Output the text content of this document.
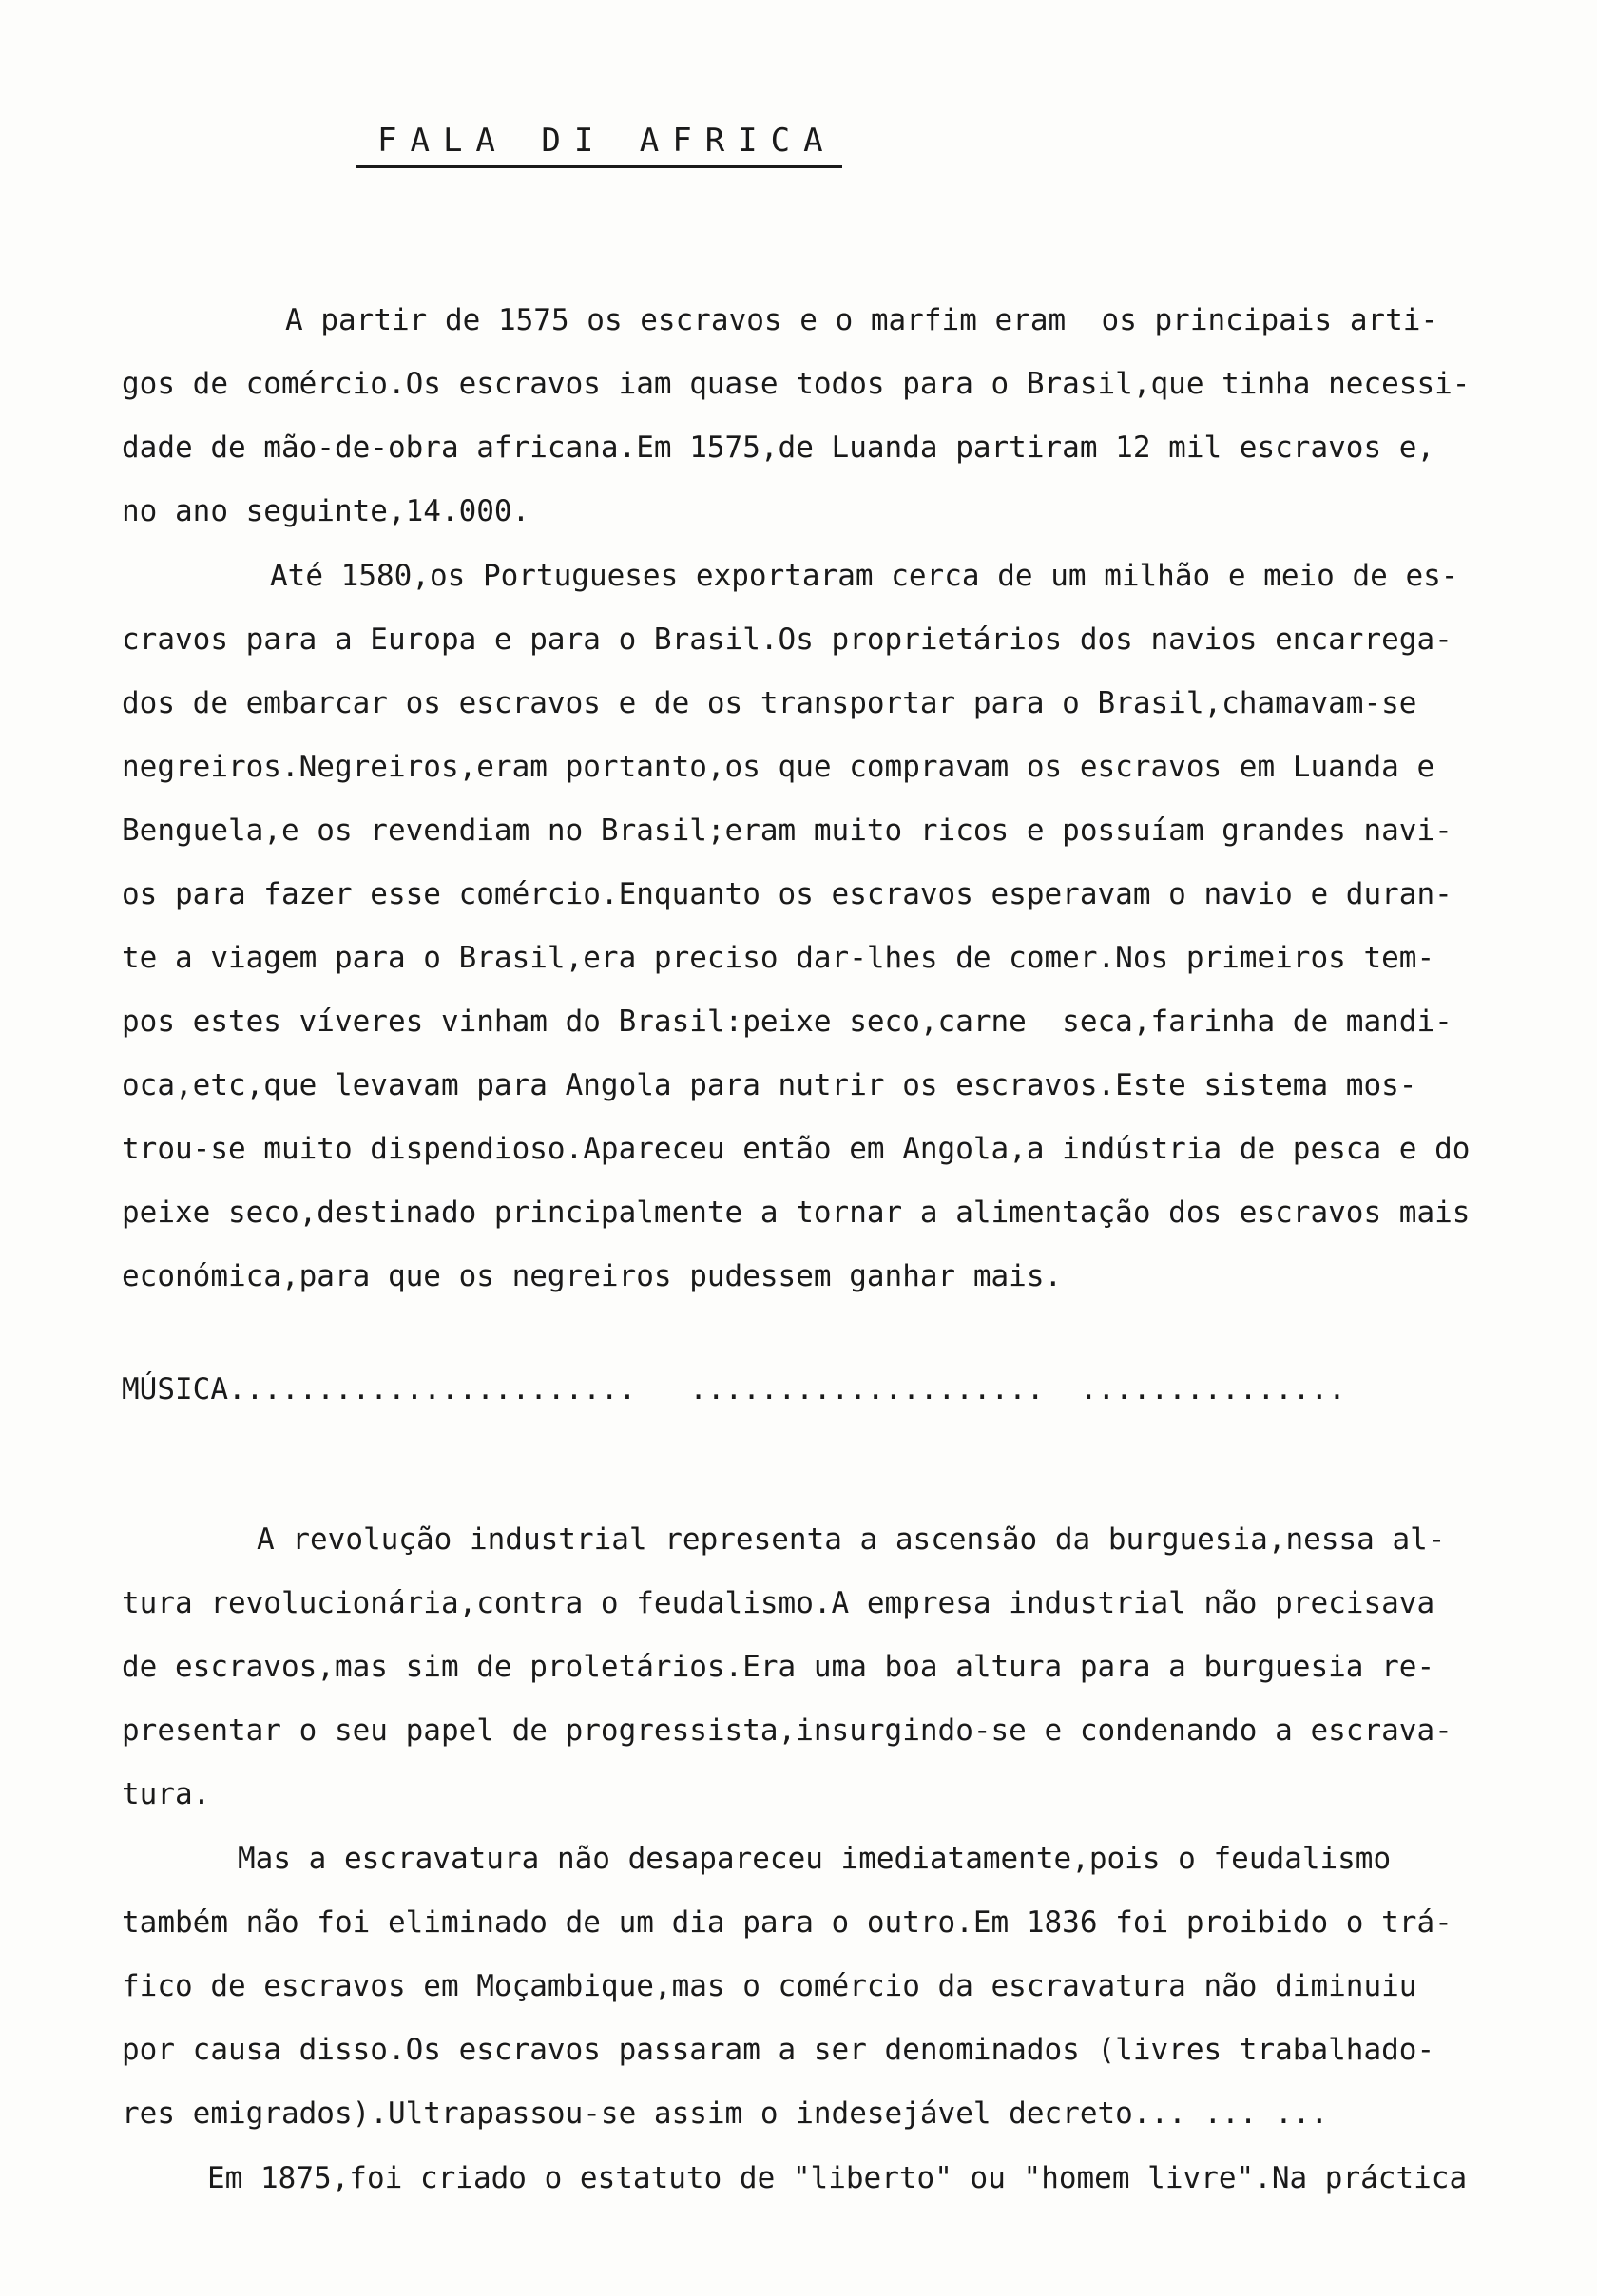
FALA DI AFRICA
A partir de 1575 os escravos e o marfim eram  os principais arti-
gos de comércio.Os escravos iam quase todos para o Brasil,que tinha necessi-
dade de mão-de-obra africana.Em 1575,de Luanda partiram 12 mil escravos e,
no ano seguinte,14.000.
Até 1580,os Portugueses exportaram cerca de um milhão e meio de es-
cravos para a Europa e para o Brasil.Os proprietários dos navios encarrega-
dos de embarcar os escravos e de os transportar para o Brasil,chamavam-se
negreiros.Negreiros,eram portanto,os que compravam os escravos em Luanda e
Benguela,e os revendiam no Brasil;eram muito ricos e possuíam grandes navi-
os para fazer esse comércio.Enquanto os escravos esperavam o navio e duran-
te a viagem para o Brasil,era preciso dar-lhes de comer.Nos primeiros tem-
pos estes víveres vinham do Brasil:peixe seco,carne  seca,farinha de mandi-
oca,etc,que levavam para Angola para nutrir os escravos.Este sistema mos-
trou-se muito dispendioso.Apareceu então em Angola,a indústria de pesca e do
peixe seco,destinado principalmente a tornar a alimentação dos escravos mais
económica,para que os negreiros pudessem ganhar mais.
MÚSICA.......................   ....................  ...............
A revolução industrial representa a ascensão da burguesia,nessa al-
tura revolucionária,contra o feudalismo.A empresa industrial não precisava
de escravos,mas sim de proletários.Era uma boa altura para a burguesia re-
presentar o seu papel de progressista,insurgindo-se e condenando a escrava-
tura.
Mas a escravatura não desapareceu imediatamente,pois o feudalismo
também não foi eliminado de um dia para o outro.Em 1836 foi proibido o trá-
fico de escravos em Moçambique,mas o comércio da escravatura não diminuiu
por causa disso.Os escravos passaram a ser denominados (livres trabalhado-
res emigrados).Ultrapassou-se assim o indesejável decreto... ... ...
Em 1875,foi criado o estatuto de "liberto" ou "homem livre".Na práctica
